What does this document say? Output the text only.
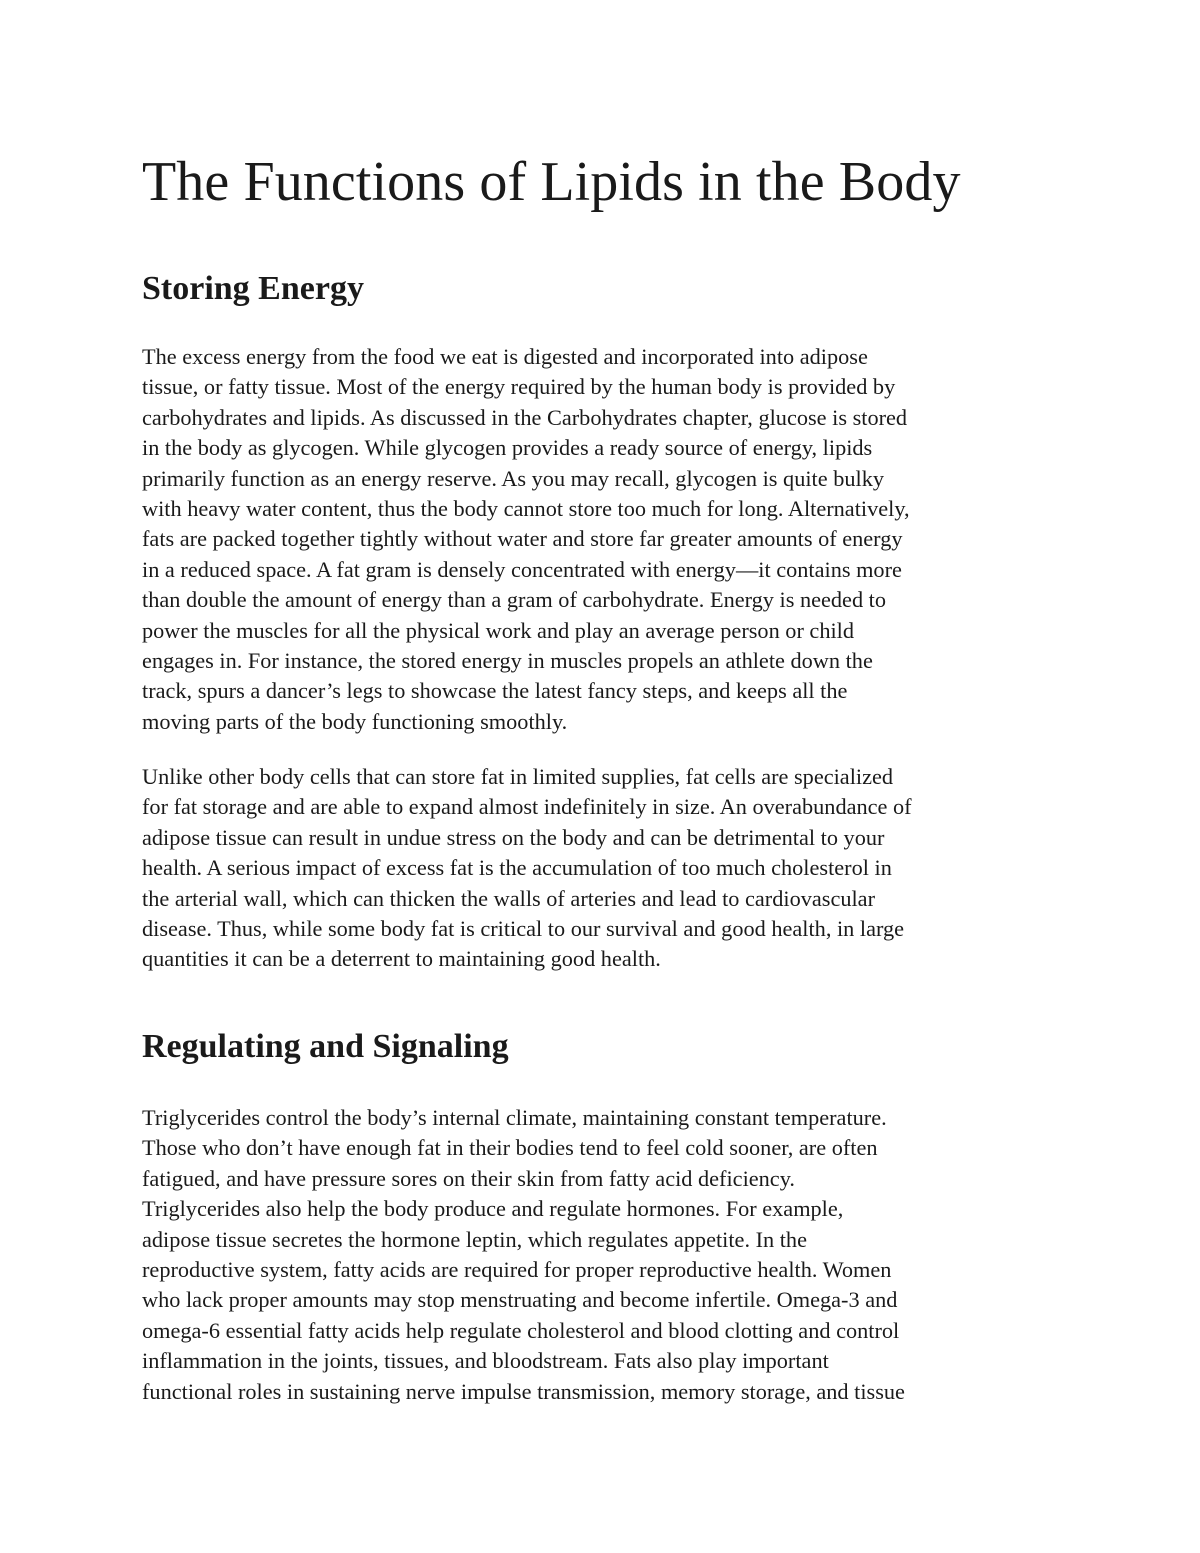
The Functions of Lipids in the Body
Storing Energy

The excess energy from the food we eat is digested and incorporated into adipose
tissue, or fatty tissue. Most of the energy required by the human body is provided by
carbohydrates and lipids. As discussed in the Carbohydrates chapter, glucose is stored
in the body as glycogen. While glycogen provides a ready source of energy, lipids
primarily function as an energy reserve. As you may recall, glycogen is quite bulky
with heavy water content, thus the body cannot store too much for long. Alternatively,
fats are packed together tightly without water and store far greater amounts of energy
in a reduced space. A fat gram is densely concentrated with energy—it contains more
than double the amount of energy than a gram of carbohydrate. Energy is needed to
power the muscles for all the physical work and play an average person or child
engages in. For instance, the stored energy in muscles propels an athlete down the
track, spurs a dancer’s legs to showcase the latest fancy steps, and keeps all the
moving parts of the body functioning smoothly.

Unlike other body cells that can store fat in limited supplies, fat cells are specialized
for fat storage and are able to expand almost indefinitely in size. An overabundance of
adipose tissue can result in undue stress on the body and can be detrimental to your
health. A serious impact of excess fat is the accumulation of too much cholesterol in
the arterial wall, which can thicken the walls of arteries and lead to cardiovascular
disease. Thus, while some body fat is critical to our survival and good health, in large
quantities it can be a deterrent to maintaining good health.

Regulating and Signaling

Triglycerides control the body’s internal climate, maintaining constant temperature.
Those who don’t have enough fat in their bodies tend to feel cold sooner, are often
fatigued, and have pressure sores on their skin from fatty acid deficiency.
Triglycerides also help the body produce and regulate hormones. For example,
adipose tissue secretes the hormone leptin, which regulates appetite. In the
reproductive system, fatty acids are required for proper reproductive health. Women
who lack proper amounts may stop menstruating and become infertile. Omega-3 and
omega-6 essential fatty acids help regulate cholesterol and blood clotting and control
inflammation in the joints, tissues, and bloodstream. Fats also play important
functional roles in sustaining nerve impulse transmission, memory storage, and tissue
